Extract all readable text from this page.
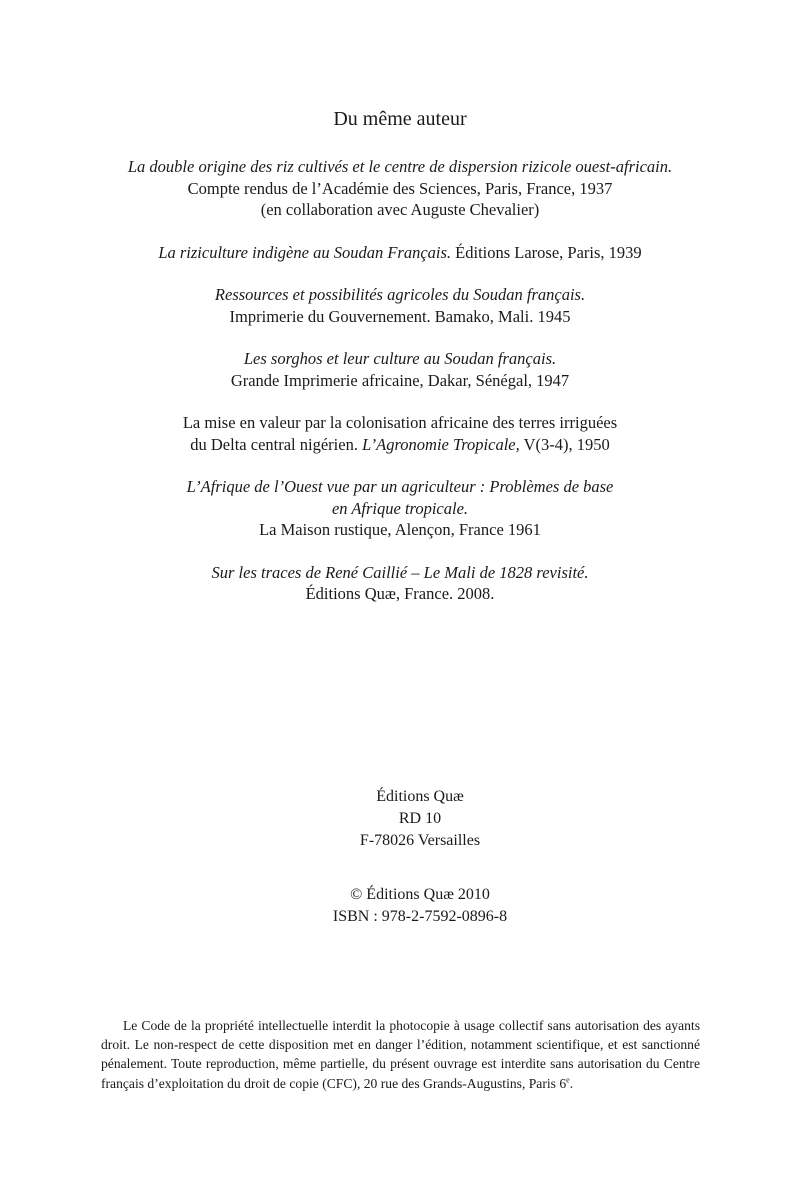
Du même auteur
La double origine des riz cultivés et le centre de dispersion rizicole ouest-africain.
Compte rendus de l’Académie des Sciences, Paris, France, 1937
(en collaboration avec Auguste Chevalier)
La riziculture indigène au Soudan Français. Éditions Larose, Paris, 1939
Ressources et possibilités agricoles du Soudan français.
Imprimerie du Gouvernement. Bamako, Mali. 1945
Les sorghos et leur culture au Soudan français.
Grande Imprimerie africaine, Dakar, Sénégal, 1947
La mise en valeur par la colonisation africaine des terres irriguées
du Delta central nigérien. L’Agronomie Tropicale, V(3-4), 1950
L’Afrique de l’Ouest vue par un agriculteur : Problèmes de base
en Afrique tropicale.
La Maison rustique, Alençon, France 1961
Sur les traces de René Caillié – Le Mali de 1828 revisité.
Éditions Quæ, France. 2008.
Éditions Quæ
RD 10
F-78026 Versailles
© Éditions Quæ 2010
ISBN : 978-2-7592-0896-8
Le Code de la propriété intellectuelle interdit la photocopie à usage collectif sans autorisation des ayants droit. Le non-respect de cette disposition met en danger l’édition, notamment scientifique, et est sanctionné pénalement. Toute reproduction, même partielle, du présent ouvrage est interdite sans autorisation du Centre français d’exploitation du droit de copie (CFC), 20 rue des Grands-Augustins, Paris 6e.
